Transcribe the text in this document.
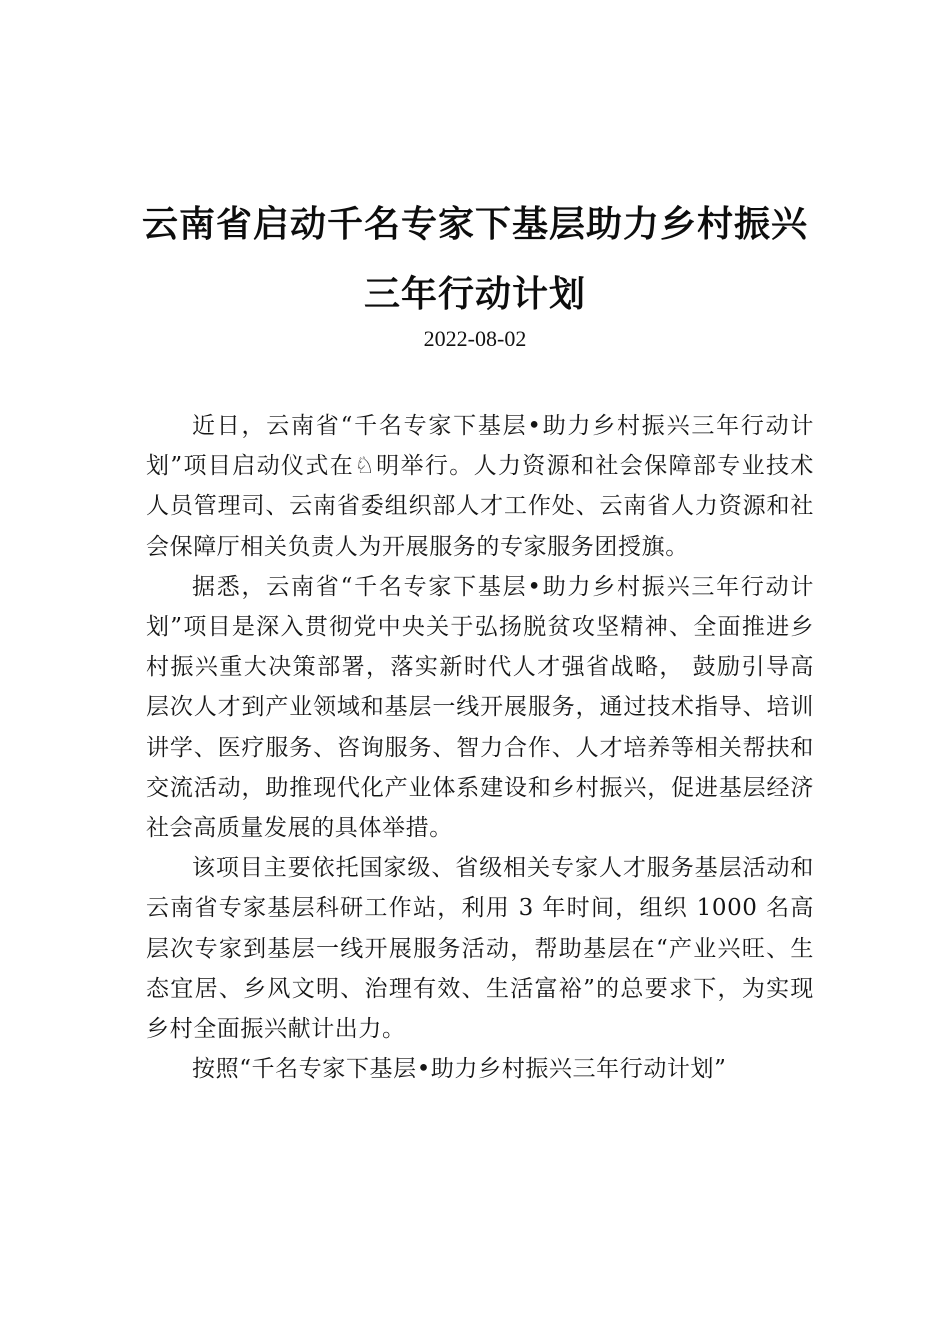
云南省启动千名专家下基层助力乡村振兴
三年行动计划
2022-08-02

近日，云南省“千名专家下基层•助力乡村振兴三年行动计划”项目启动仪式在♘明举行。人力资源和社会保障部专业技术人员管理司、云南省委组织部人才工作处、云南省人力资源和社会保障厅相关负责人为开展服务的专家服务团授旗。

据悉，云南省“千名专家下基层•助力乡村振兴三年行动计划”项目是深入贯彻党中央关于弘扬脱贫攻坚精神、全面推进乡村振兴重大决策部署，落实新时代人才强省战略， 鼓励引导高层次人才到产业领域和基层一线开展服务，通过技术指导、培训讲学、医疗服务、咨询服务、智力合作、人才培养等相关帮扶和交流活动，助推现代化产业体系建设和乡村振兴，促进基层经济社会高质量发展的具体举措。

该项目主要依托国家级、省级相关专家人才服务基层活动和云南省专家基层科研工作站，利用 3 年时间，组织 1000 名高层次专家到基层一线开展服务活动，帮助基层在“产业兴旺、生态宜居、乡风文明、治理有效、生活富裕”的总要求下，为实现乡村全面振兴献计出力。

按照“千名专家下基层•助力乡村振兴三年行动计划”
